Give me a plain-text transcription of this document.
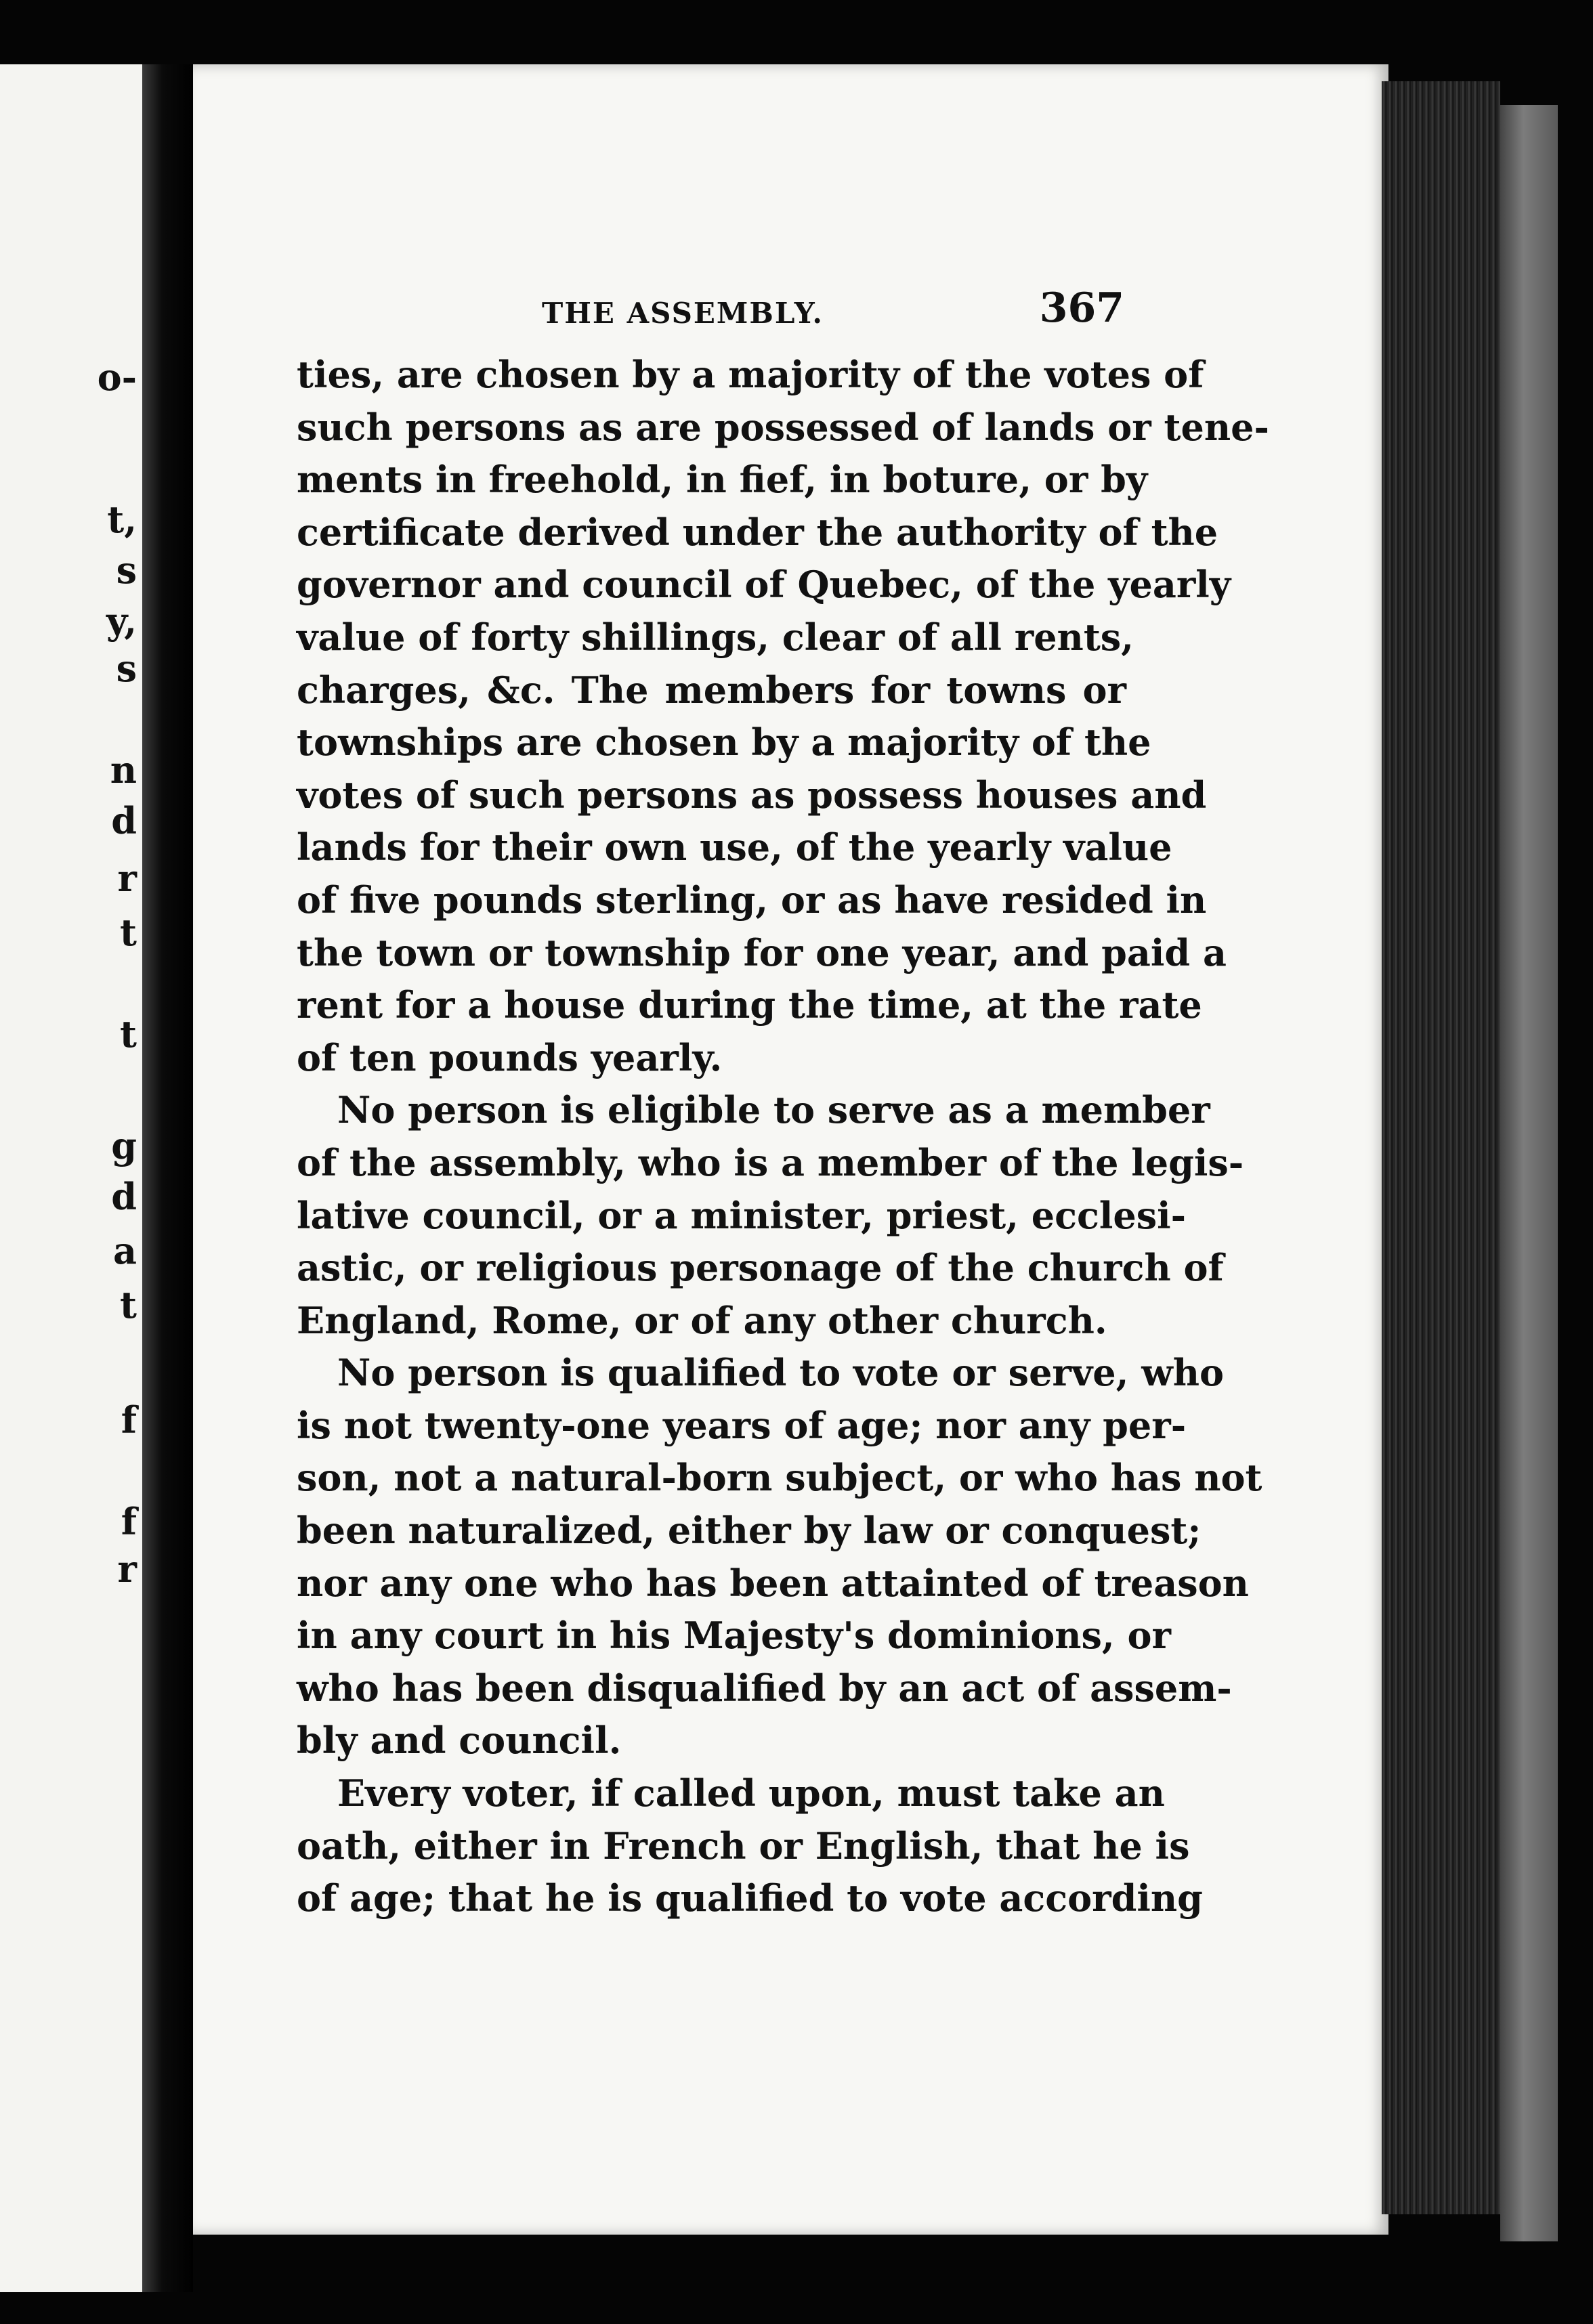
o-
t,
s
y,
s
n
d
r
t
t
g
d
a
t
f
f
r
THE ASSEMBLY.	367
ties, are chosen by a majority of the votes of
such persons as are possessed of lands or tene-
ments in freehold, in fief, in boture, or by
certificate derived under the authority of the
governor and council of Quebec, of the yearly
value of forty shillings, clear of all rents,
charges, &c. The members for towns or
townships are chosen by a majority of the
votes of such persons as possess houses and
lands for their own use, of the yearly value
of five pounds sterling, or as have resided in
the town or township for one year, and paid a
rent for a house during the time, at the rate
of ten pounds yearly.
No person is eligible to serve as a member
of the assembly, who is a member of the legis-
lative council, or a minister, priest, ecclesi-
astic, or religious personage of the church of
England, Rome, or of any other church.
No person is qualified to vote or serve, who
is not twenty-one years of age; nor any per-
son, not a natural-born subject, or who has not
been naturalized, either by law or conquest;
nor any one who has been attainted of treason
in any court in his Majesty's dominions, or
who has been disqualified by an act of assem-
bly and council.
Every voter, if called upon, must take an
oath, either in French or English, that he is
of age; that he is qualified to vote according
